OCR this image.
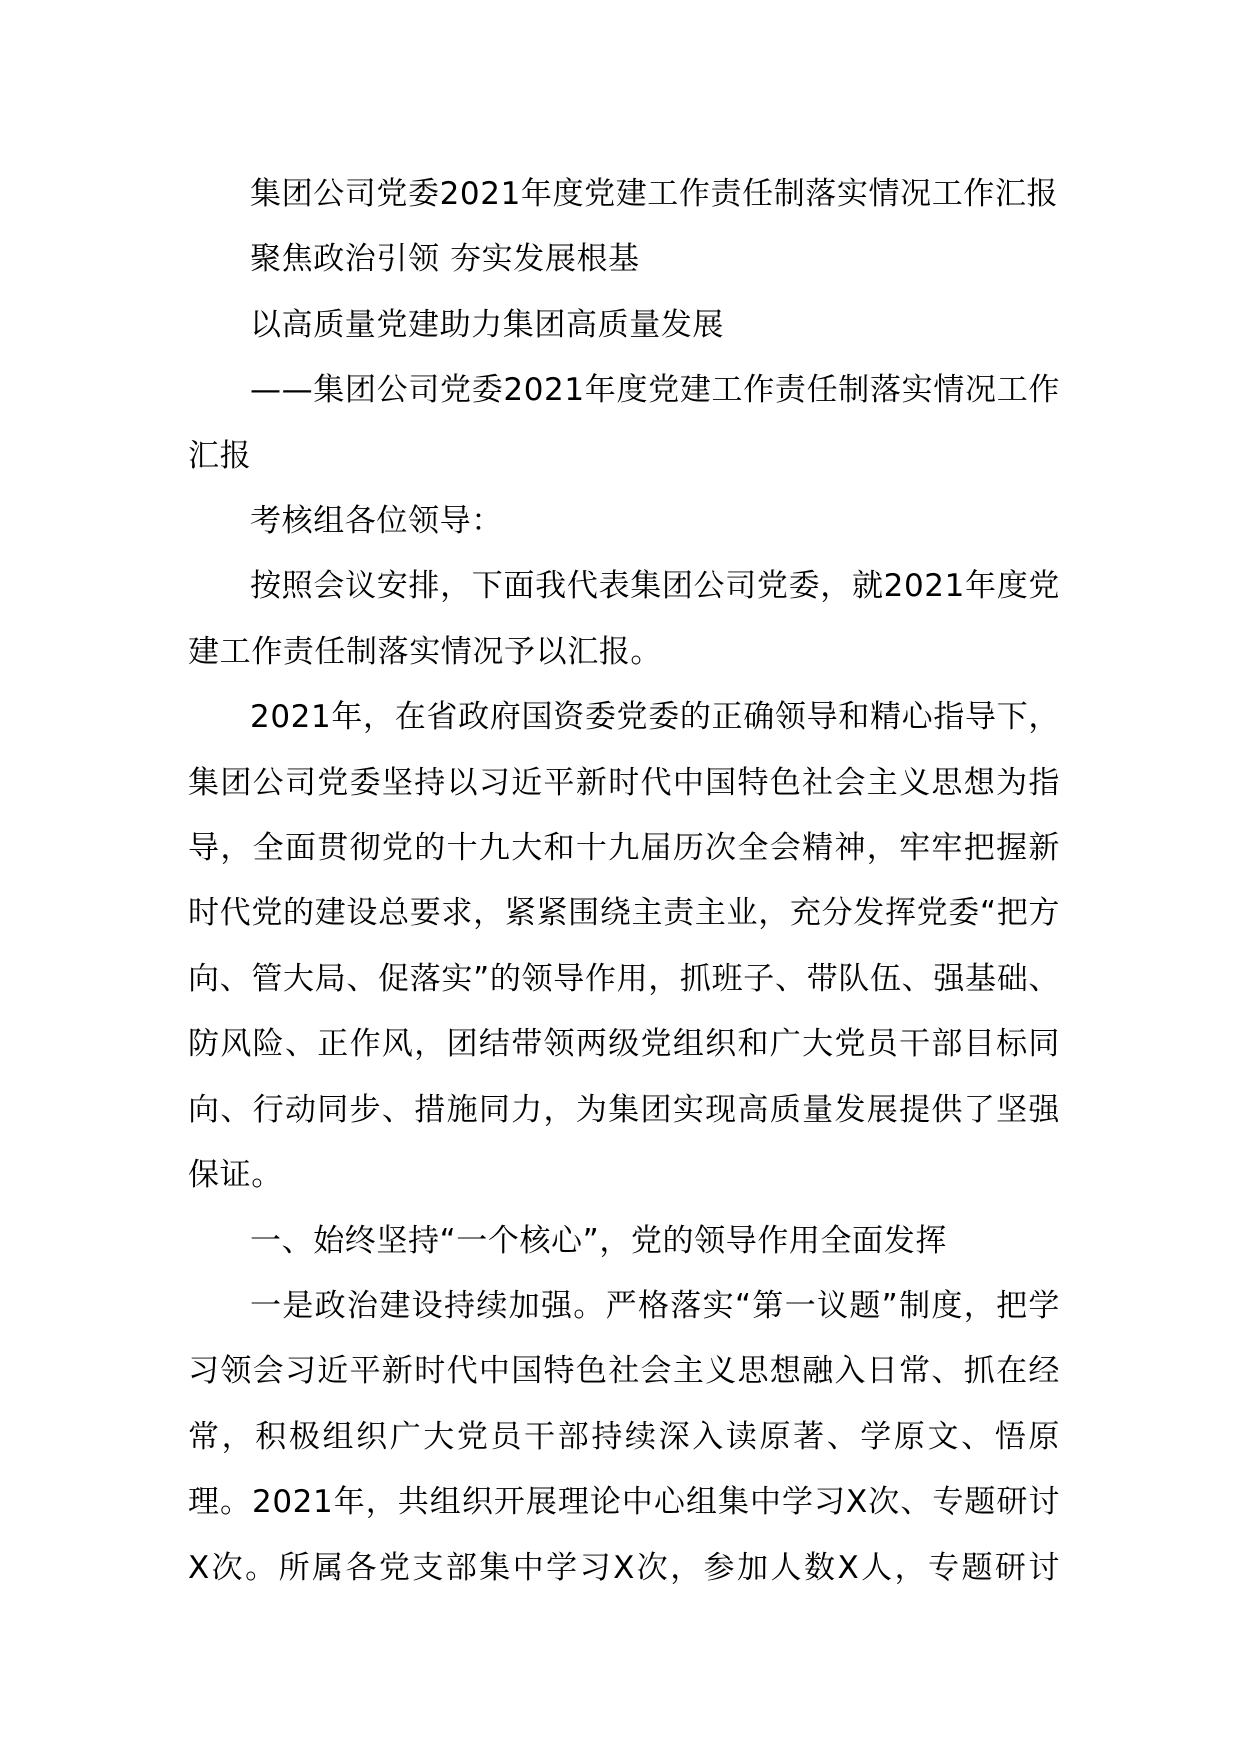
集团公司党委2021年度党建工作责任制落实情况工作汇报

聚焦政治引领 夯实发展根基

以高质量党建助力集团高质量发展

——集团公司党委2021年度党建工作责任制落实情况工作汇报

考核组各位领导：

按照会议安排，下面我代表集团公司党委，就2021年度党建工作责任制落实情况予以汇报。

2021年，在省政府国资委党委的正确领导和精心指导下，集团公司党委坚持以习近平新时代中国特色社会主义思想为指导，全面贯彻党的十九大和十九届历次全会精神，牢牢把握新时代党的建设总要求，紧紧围绕主责主业，充分发挥党委“把方向、管大局、促落实”的领导作用，抓班子、带队伍、强基础、防风险、正作风，团结带领两级党组织和广大党员干部目标同向、行动同步、措施同力，为集团实现高质量发展提供了坚强保证。

一、始终坚持“一个核心”，党的领导作用全面发挥

一是政治建设持续加强。严格落实“第一议题”制度，把学习领会习近平新时代中国特色社会主义思想融入日常、抓在经常，积极组织广大党员干部持续深入读原著、学原文、悟原理。2021年，共组织开展理论中心组集中学习X次、专题研讨X次。所属各党支部集中学习X次，参加人数X人，专题研讨
